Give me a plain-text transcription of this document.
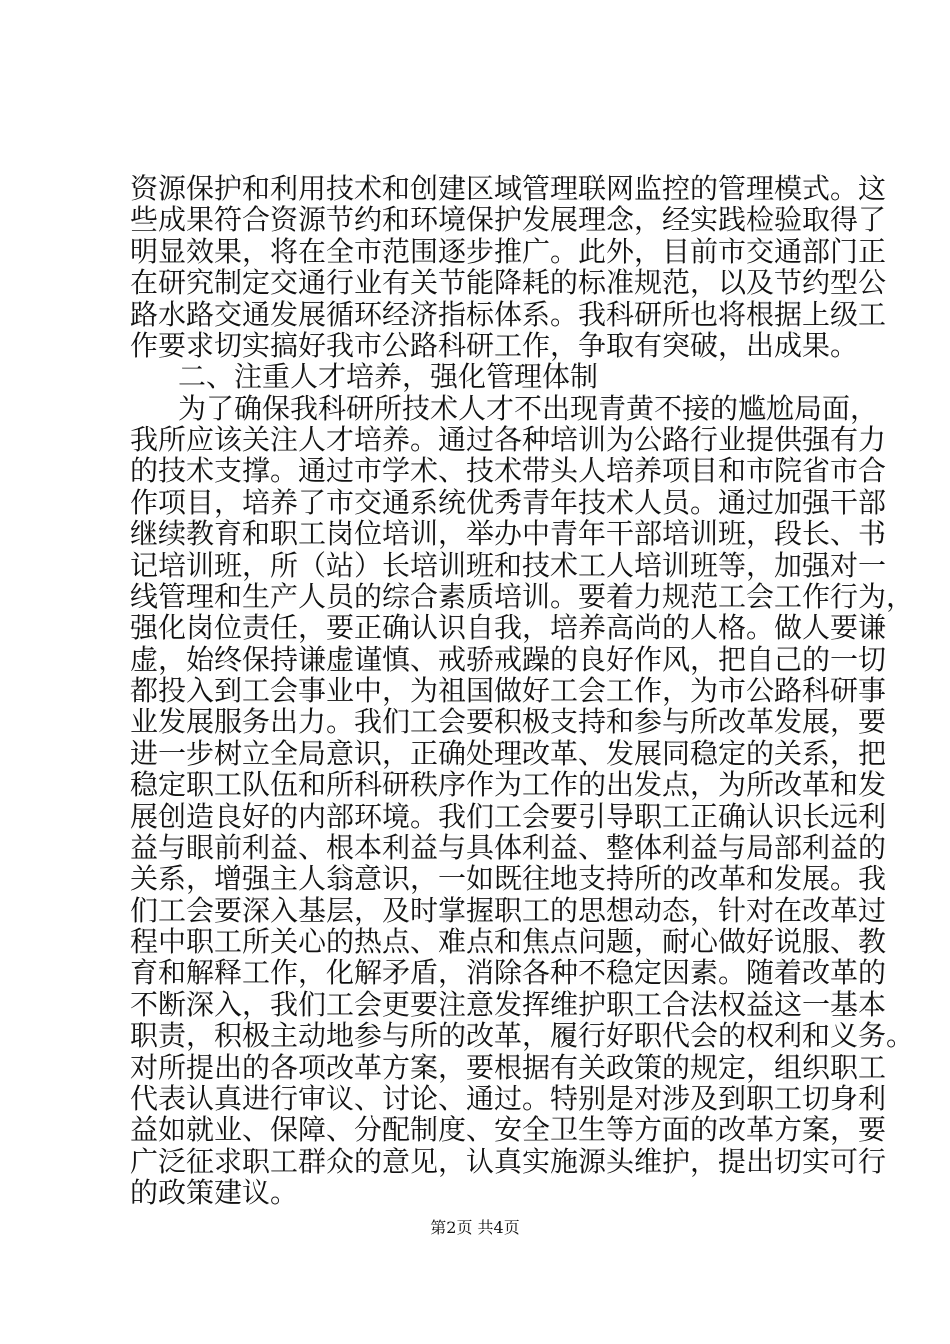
资源保护和利用技术和创建区域管理联网监控的管理模式。这
些成果符合资源节约和环境保护发展理念，经实践检验取得了
明显效果，将在全市范围逐步推广。此外，目前市交通部门正
在研究制定交通行业有关节能降耗的标准规范，以及节约型公
路水路交通发展循环经济指标体系。我科研所也将根据上级工
作要求切实搞好我市公路科研工作，争取有突破，出成果。
二、注重人才培养，强化管理体制
为了确保我科研所技术人才不出现青黄不接的尴尬局面，
我所应该关注人才培养。通过各种培训为公路行业提供强有力
的技术支撑。通过市学术、技术带头人培养项目和市院省市合
作项目，培养了市交通系统优秀青年技术人员。通过加强干部
继续教育和职工岗位培训，举办中青年干部培训班，段长、书
记培训班，所（站）长培训班和技术工人培训班等，加强对一
线管理和生产人员的综合素质培训。要着力规范工会工作行为，
强化岗位责任，要正确认识自我，培养高尚的人格。做人要谦
虚，始终保持谦虚谨慎、戒骄戒躁的良好作风，把自己的一切
都投入到工会事业中，为祖国做好工会工作，为市公路科研事
业发展服务出力。我们工会要积极支持和参与所改革发展，要
进一步树立全局意识，正确处理改革、发展同稳定的关系，把
稳定职工队伍和所科研秩序作为工作的出发点，为所改革和发
展创造良好的内部环境。我们工会要引导职工正确认识长远利
益与眼前利益、根本利益与具体利益、整体利益与局部利益的
关系，增强主人翁意识，一如既往地支持所的改革和发展。我
们工会要深入基层，及时掌握职工的思想动态，针对在改革过
程中职工所关心的热点、难点和焦点问题，耐心做好说服、教
育和解释工作，化解矛盾，消除各种不稳定因素。随着改革的
不断深入，我们工会更要注意发挥维护职工合法权益这一基本
职责，积极主动地参与所的改革，履行好职代会的权利和义务。
对所提出的各项改革方案，要根据有关政策的规定，组织职工
代表认真进行审议、讨论、通过。特别是对涉及到职工切身利
益如就业、保障、分配制度、安全卫生等方面的改革方案，要
广泛征求职工群众的意见，认真实施源头维护，提出切实可行
的政策建议。
第2页 共4页
